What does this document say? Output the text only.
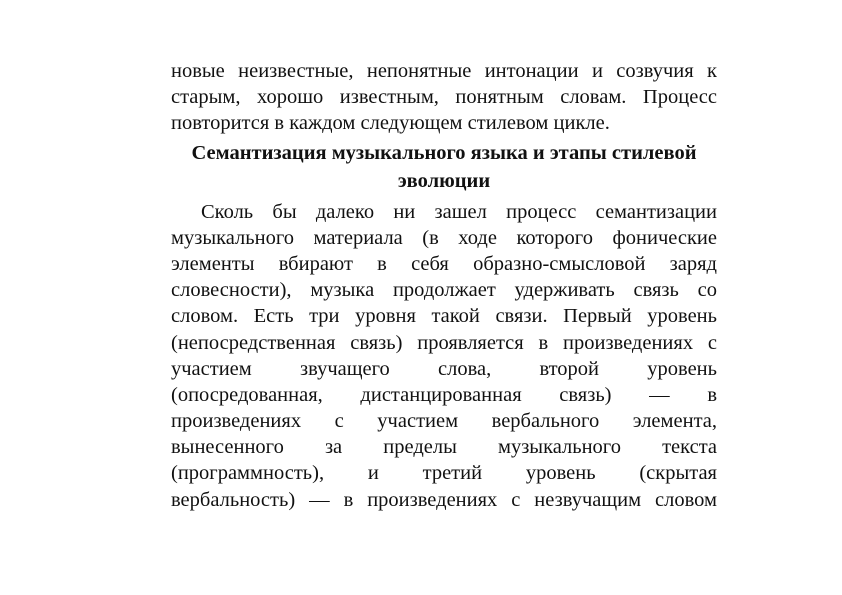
новые неизвестные, непонятные интонации и созвучия к
старым, хорошо известным, понятным словам. Процесс
повторится в каждом следующем стилевом цикле.
Семантизация музыкального языка и этапы стилевой
эволюции
Сколь бы далеко ни зашел процесс семантизации
музыкального материала (в ходе которого фонические
элементы вбирают в себя образно-смысловой заряд
словесности), музыка продолжает удерживать связь со
словом. Есть три уровня такой связи. Первый уровень
(непосредственная связь) проявляется в произведениях с
участием звучащего слова, второй уровень
(опосредованная, дистанцированная связь) — в
произведениях с участием вербального элемента,
вынесенного за пределы музыкального текста
(программность), и третий уровень (скрытая
вербальность) — в произведениях с незвучащим словом
